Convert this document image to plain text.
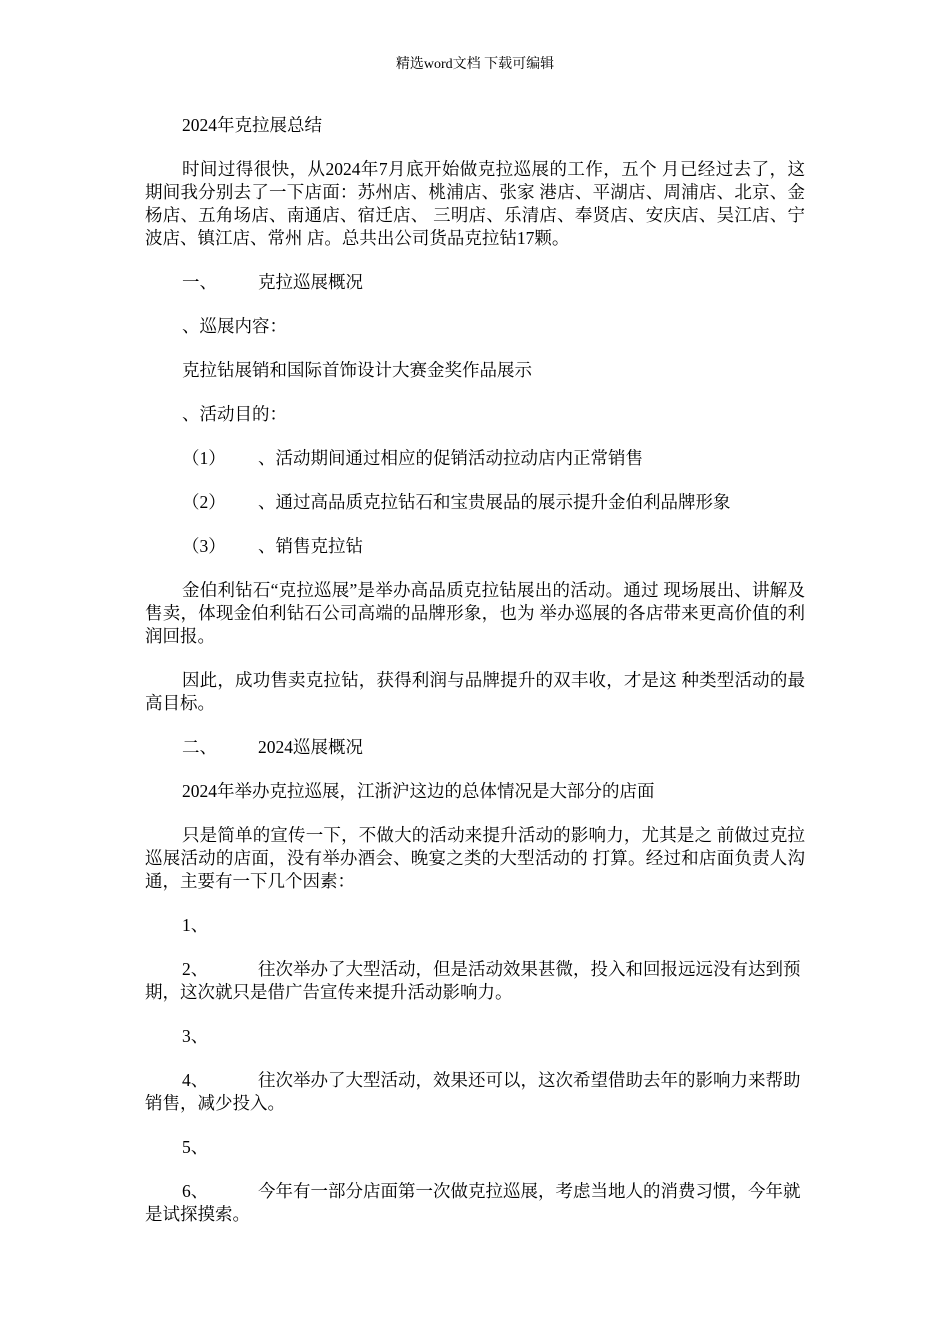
精选word文档 下载可编辑

2024年克拉展总结

时间过得很快，从2024年7月底开始做克拉巡展的工作，五个 月已经过去了，这期间我分别去了一下店面：苏州店、桃浦店、张家 港店、平湖店、周浦店、北京、金杨店、五角场店、南通店、宿迁店、 三明店、乐清店、奉贤店、安庆店、吴江店、宁波店、镇江店、常州 店。总共出公司货品克拉钻17颗。

一、	克拉巡展概况

、巡展内容：

克拉钻展销和国际首饰设计大赛金奖作品展示

、活动目的：

（1）	、活动期间通过相应的促销活动拉动店内正常销售
（2）	、通过高品质克拉钻石和宝贵展品的展示提升金伯利品牌形象
（3）	、销售克拉钻

金伯利钻石“克拉巡展”是举办高品质克拉钻展出的活动。通过 现场展出、讲解及售卖，体现金伯利钻石公司高端的品牌形象，也为 举办巡展的各店带来更高价值的利润回报。

因此，成功售卖克拉钻，获得利润与品牌提升的双丰收，才是这 种类型活动的最高目标。

二、	2024巡展概况

2024年举办克拉巡展，江浙沪这边的总体情况是大部分的店面

只是简单的宣传一下，不做大的活动来提升活动的影响力，尤其是之 前做过克拉巡展活动的店面，没有举办酒会、晚宴之类的大型活动的 打算。经过和店面负责人沟通，主要有一下几个因素：

1、

2、	往次举办了大型活动，但是活动效果甚微，投入和回报远远没有达到预期，这次就只是借广告宣传来提升活动影响力。

3、

4、	往次举办了大型活动，效果还可以，这次希望借助去年的影响力来帮助销售，减少投入。

5、

6、	今年有一部分店面第一次做克拉巡展，考虑当地人的消费习惯，今年就是试探摸索。
